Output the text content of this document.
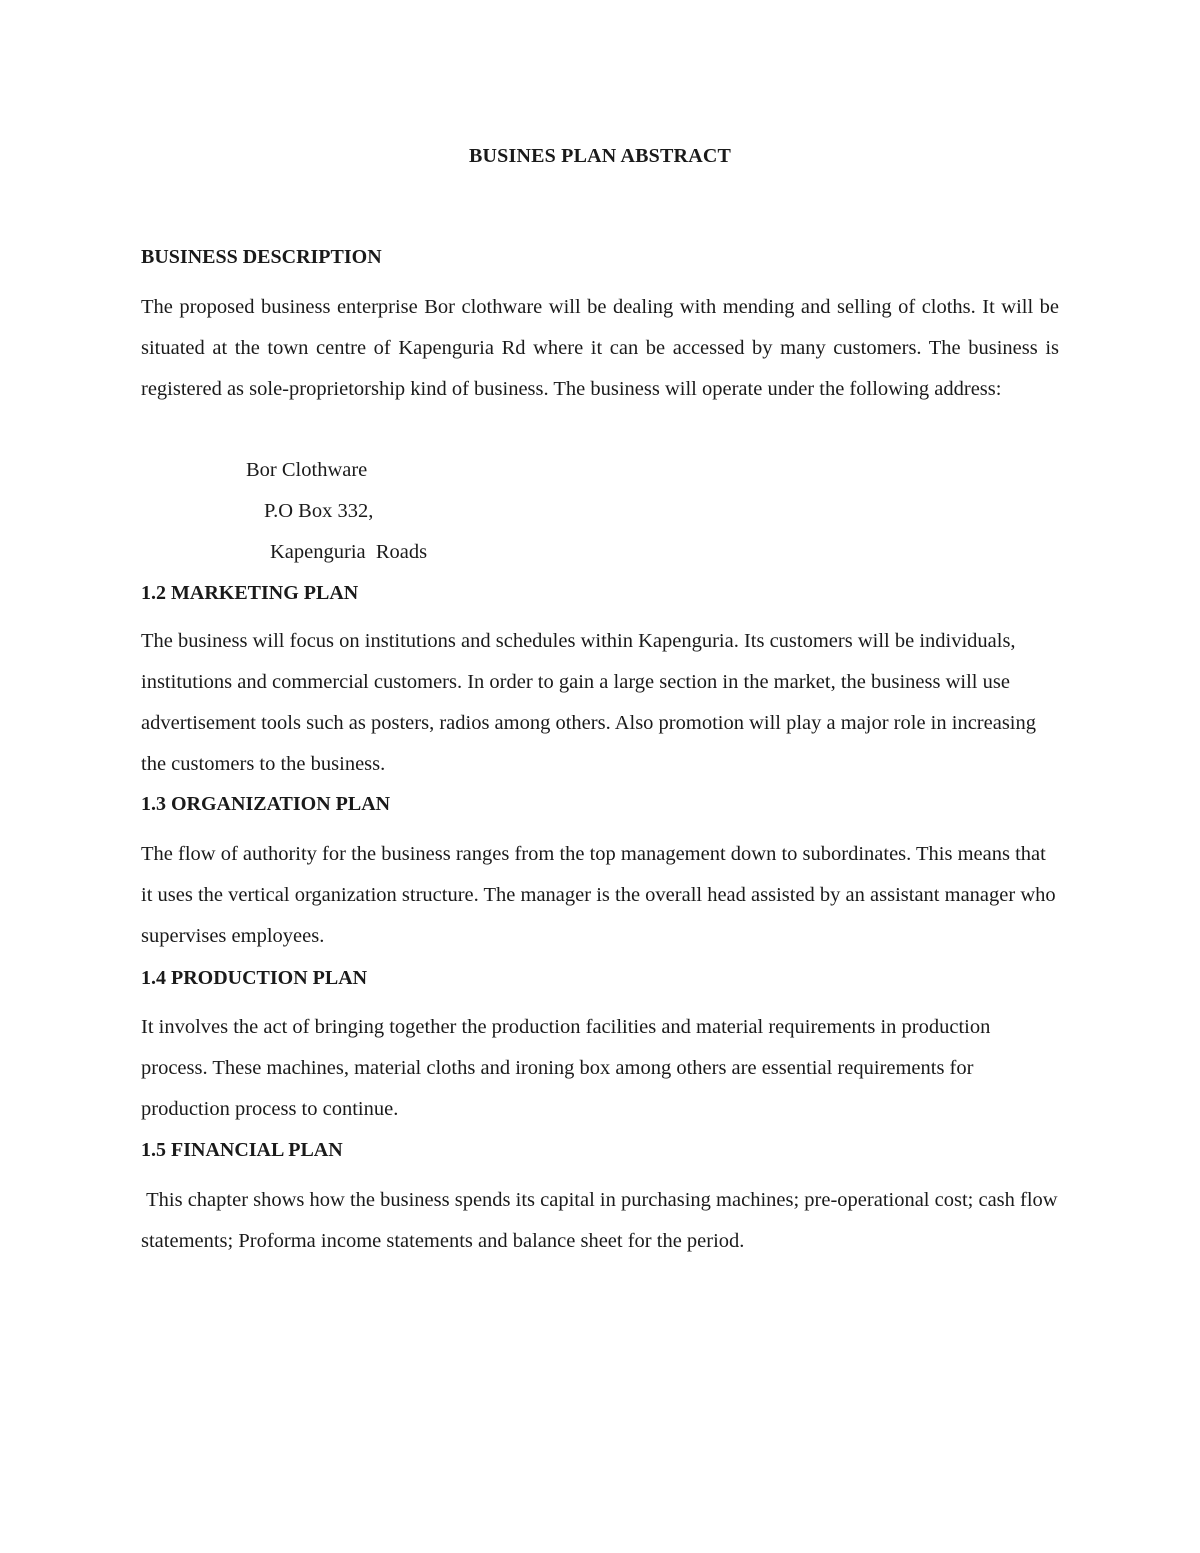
BUSINES PLAN ABSTRACT
BUSINESS DESCRIPTION

The proposed business enterprise Bor clothware will be dealing with mending and selling of cloths. It will be situated at the town centre of Kapenguria Rd where it can be accessed by many customers. The business is registered as sole-proprietorship kind of business. The business will operate under the following address:

Bor Clothware

P.O Box 332,

Kapenguria  Roads

1.2 MARKETING PLAN

The business will focus on institutions and schedules within Kapenguria. Its customers will be individuals, institutions and commercial customers. In order to gain a large section in the market, the business will use advertisement tools such as posters, radios among others. Also promotion will play a major role in increasing the customers to the business.

1.3 ORGANIZATION PLAN

The flow of authority for the business ranges from the top management down to subordinates. This means that it uses the vertical organization structure. The manager is the overall head assisted by an assistant manager who supervises employees.

1.4 PRODUCTION PLAN

It involves the act of bringing together the production facilities and material requirements in production process. These machines, material cloths and ironing box among others are essential requirements for production process to continue.

1.5 FINANCIAL PLAN

This chapter shows how the business spends its capital in purchasing machines; pre-operational cost; cash flow statements; Proforma income statements and balance sheet for the period.
